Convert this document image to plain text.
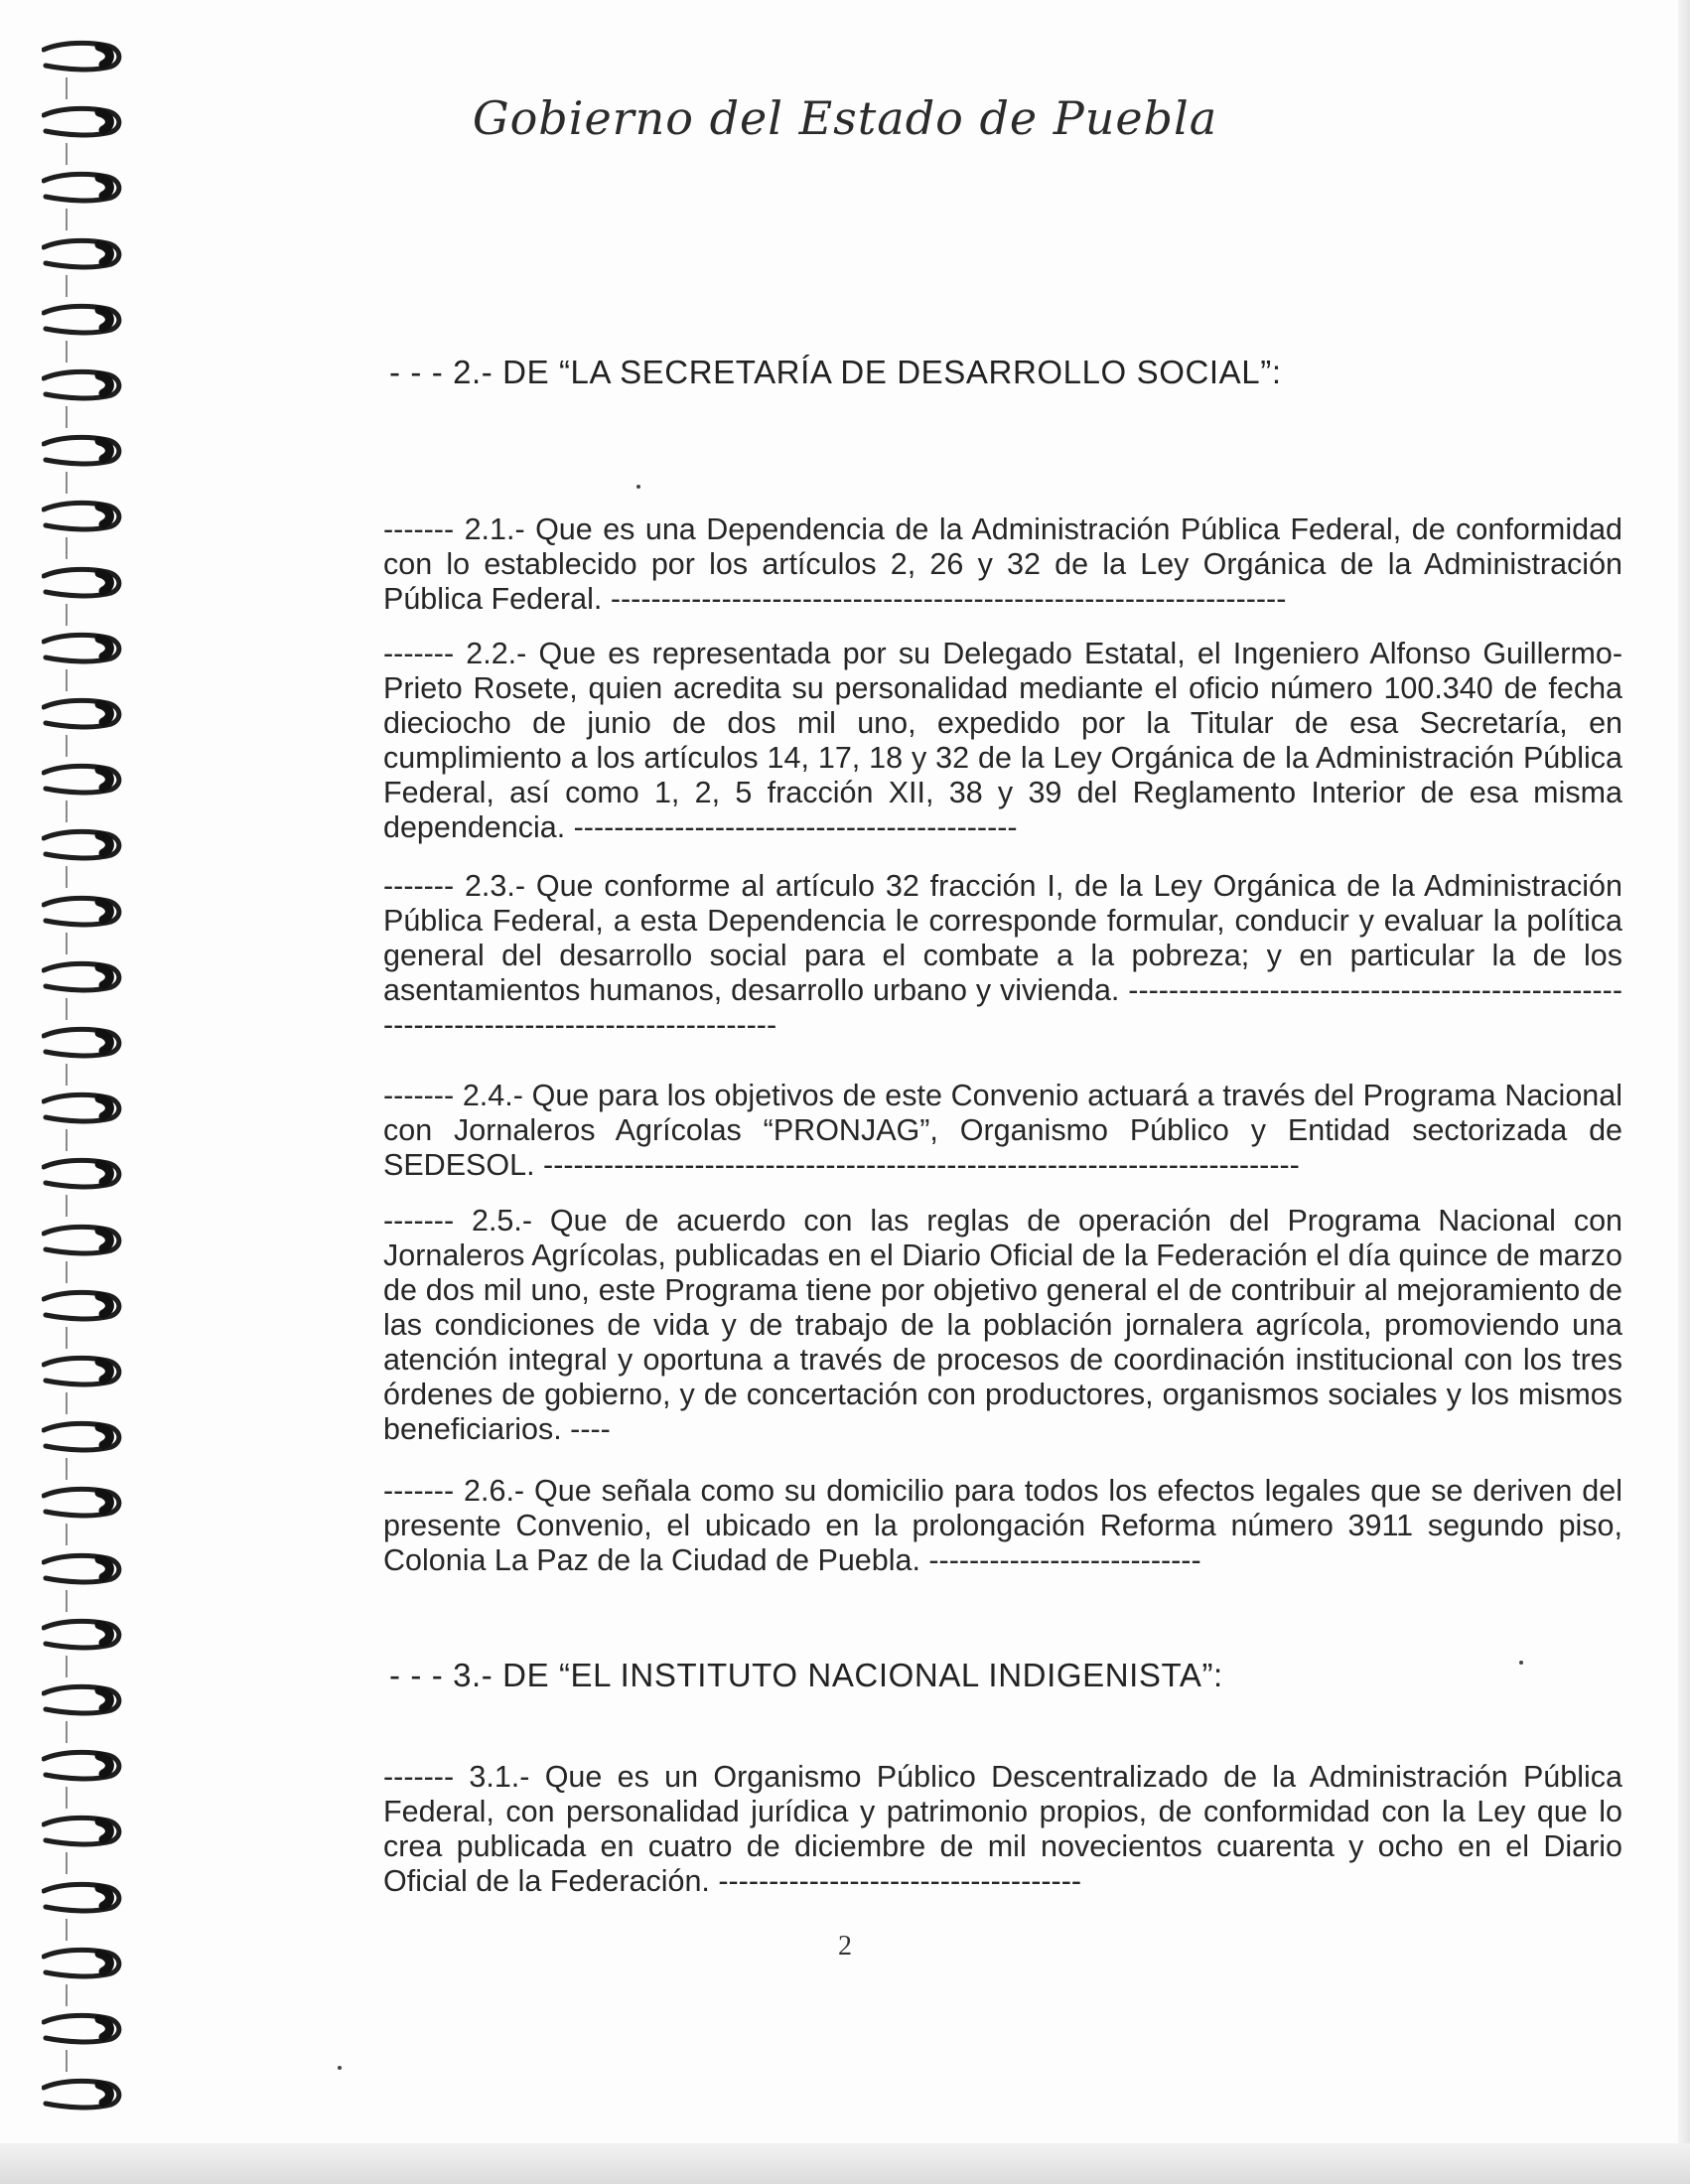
Gobierno del Estado de Puebla
- - - 2.- DE “LA SECRETARÍA DE DESARROLLO SOCIAL”:
------- 2.1.- Que es una Dependencia de la Administración Pública Federal, de conformidad con lo establecido por los artículos 2, 26 y 32 de la Ley Orgánica de la Administración Pública Federal. -------------------------------------------------------------------
------- 2.2.- Que es representada por su Delegado Estatal, el Ingeniero Alfonso Guillermo-Prieto Rosete, quien acredita su personalidad mediante el oficio número 100.340 de fecha dieciocho de junio de dos mil uno, expedido por la Titular de esa Secretaría, en cumplimiento a los artículos 14, 17, 18 y 32 de la Ley Orgánica de la Administración Pública Federal, así como 1, 2, 5 fracción XII, 38 y 39 del Reglamento Interior de esa misma dependencia. --------------------------------------------
------- 2.3.- Que conforme al artículo 32 fracción I, de la Ley Orgánica de la Administración Pública Federal, a esta Dependencia le corresponde formular, conducir y evaluar la política general del desarrollo social para el combate a la pobreza; y en particular la de los asentamientos humanos, desarrollo urbano y vivienda. ----------------------------------------------------------------------------------------
------- 2.4.- Que para los objetivos de este Convenio actuará a través del Programa Nacional con Jornaleros Agrícolas “PRONJAG”, Organismo Público y Entidad sectorizada de SEDESOL. ---------------------------------------------------------------------------
------- 2.5.- Que de acuerdo con las reglas de operación del Programa Nacional con Jornaleros Agrícolas, publicadas en el Diario Oficial de la Federación el día quince de marzo de dos mil uno, este Programa tiene por objetivo general el de contribuir al mejoramiento de las condiciones de vida y de trabajo de la población jornalera agrícola, promoviendo una atención integral y oportuna a través de procesos de coordinación institucional con los tres órdenes de gobierno, y de concertación con productores, organismos sociales y los mismos beneficiarios. ----
------- 2.6.- Que señala como su domicilio para todos los efectos legales que se deriven del presente Convenio, el ubicado en la prolongación Reforma número 3911 segundo piso, Colonia La Paz de la Ciudad de Puebla. ---------------------------
- - - 3.- DE “EL INSTITUTO NACIONAL INDIGENISTA”:
------- 3.1.- Que es un Organismo Público Descentralizado de la Administración Pública Federal, con personalidad jurídica y patrimonio propios, de conformidad con la Ley que lo crea publicada en cuatro de diciembre de mil novecientos cuarenta y ocho en el Diario Oficial de la Federación. ------------------------------------
2
